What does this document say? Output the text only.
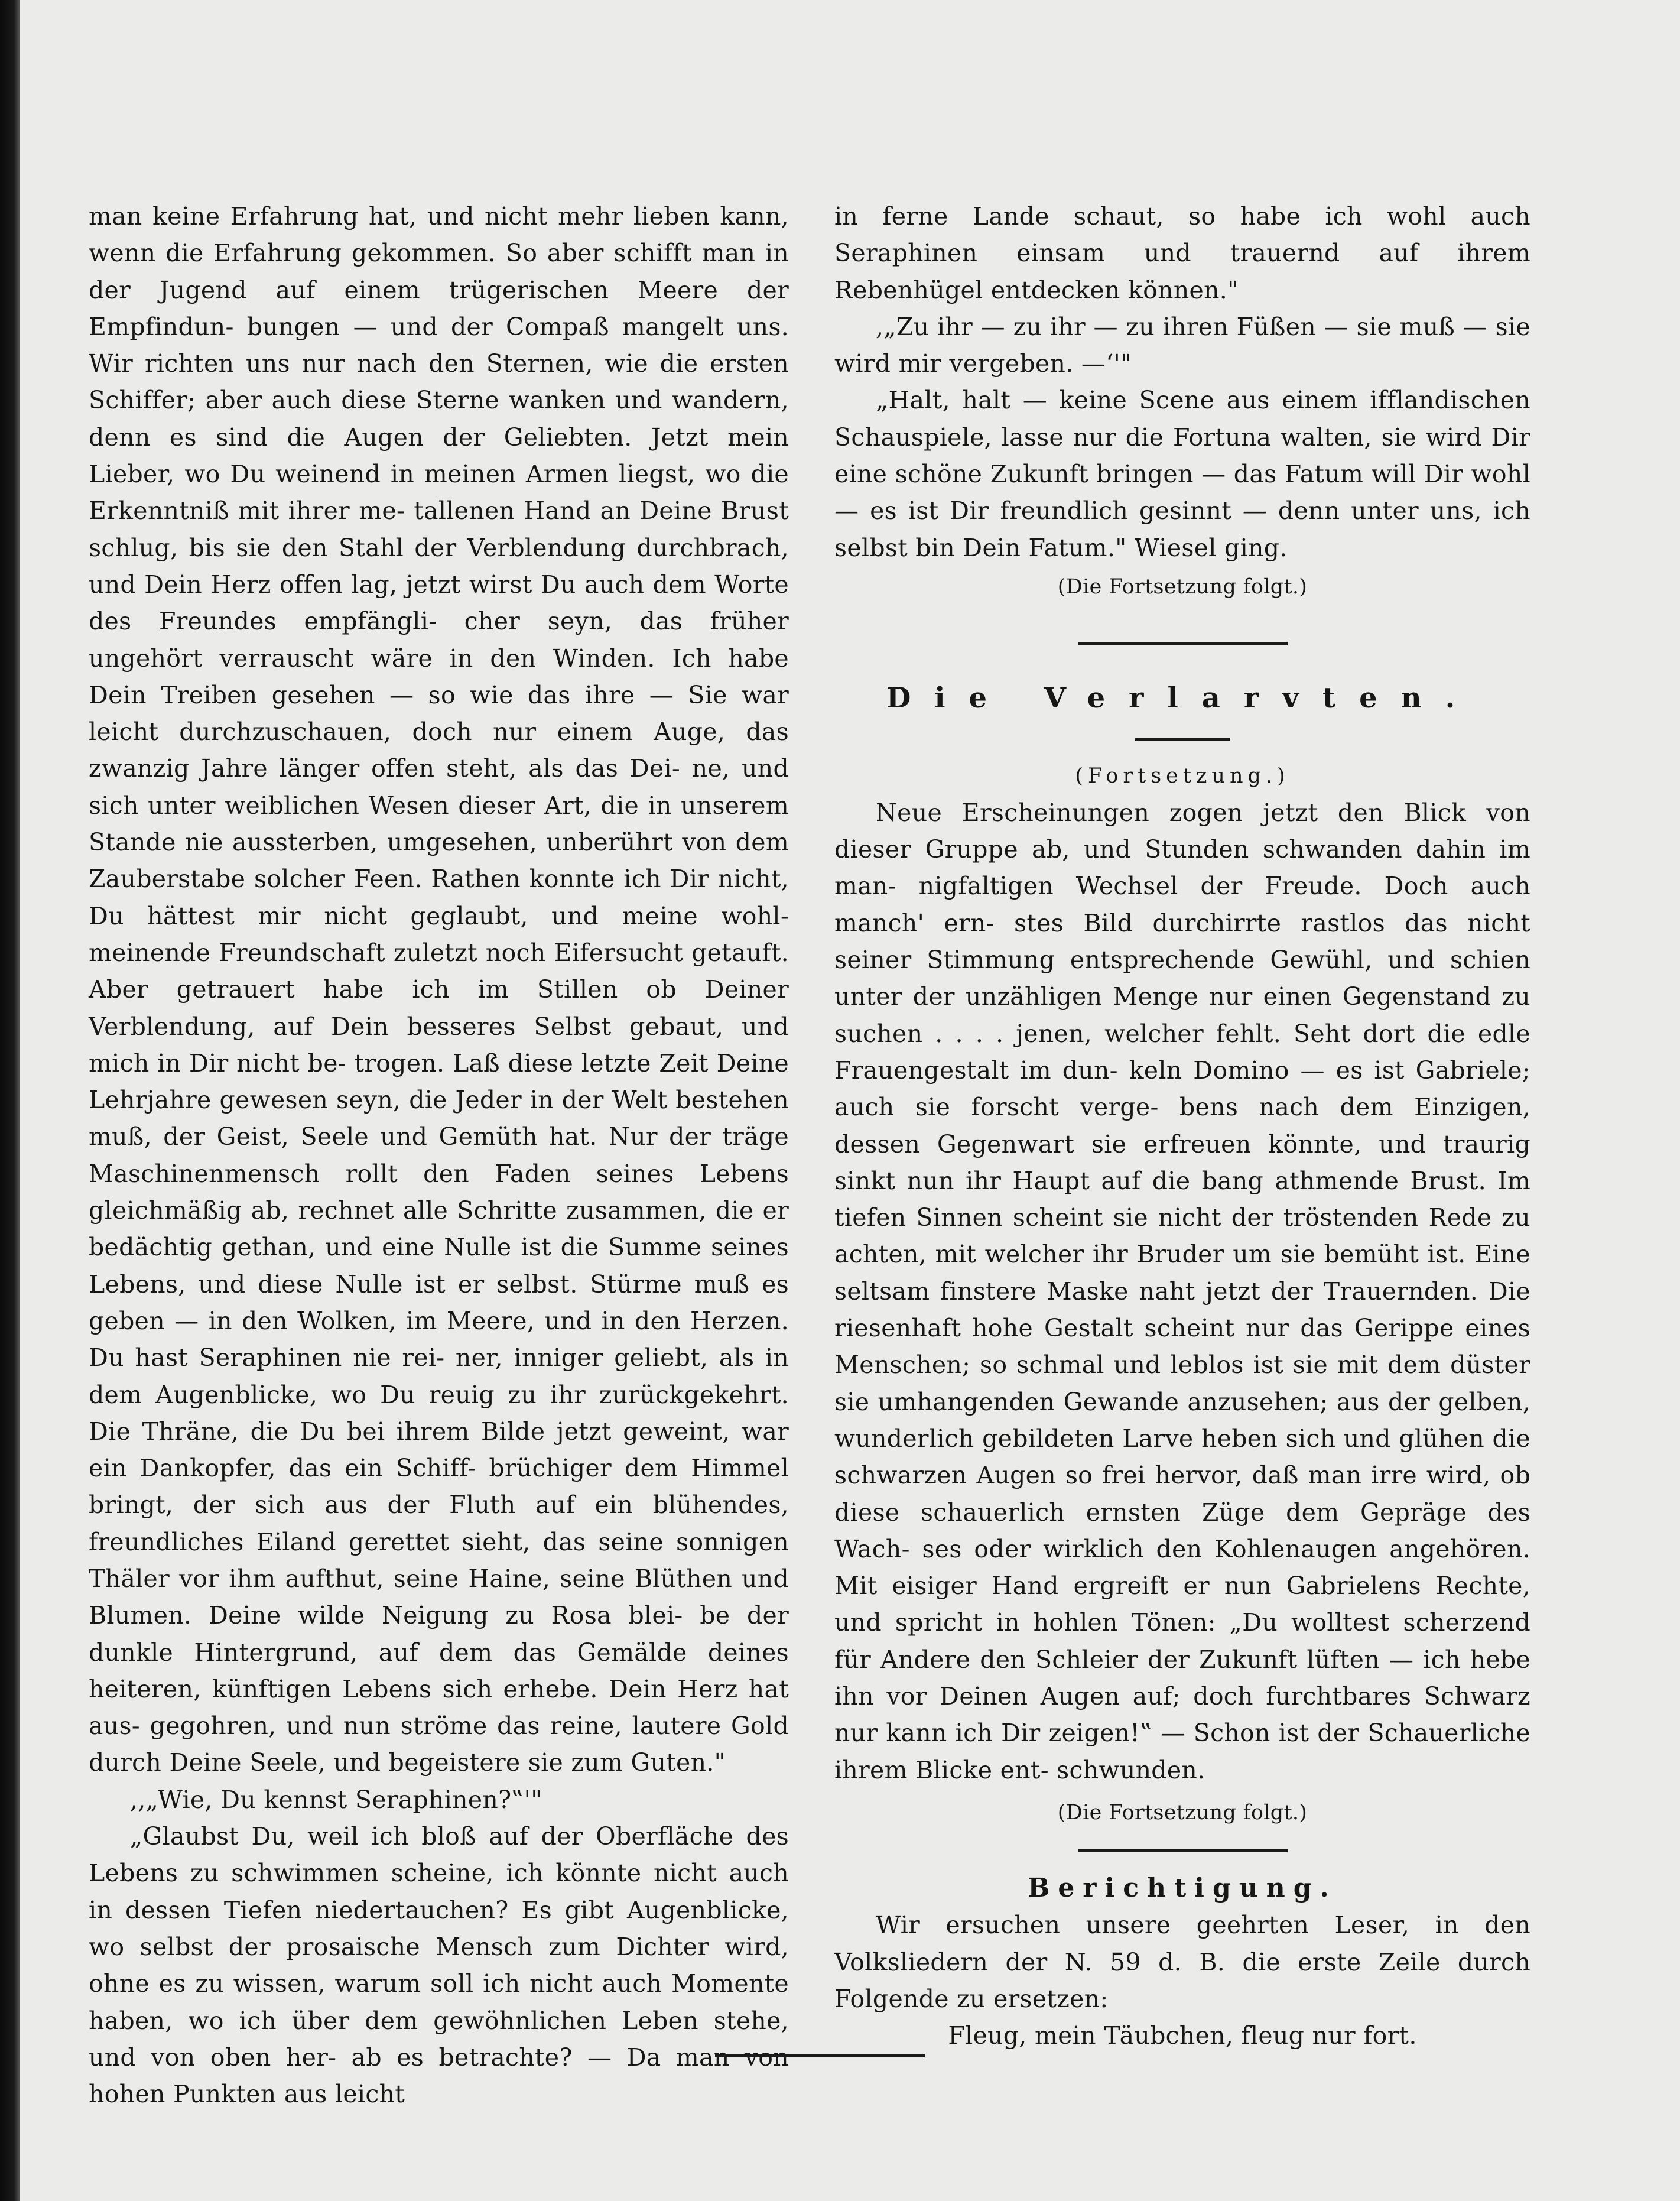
man keine Erfahrung hat, und nicht mehr lieben kann, wenn die Erfahrung gekommen. So aber schifft man in der Jugend auf einem trügerischen Meere der Empfindun- bungen — und der Compaß mangelt uns. Wir richten uns nur nach den Sternen, wie die ersten Schiffer; aber auch diese Sterne wanken und wandern, denn es sind die Augen der Geliebten. Jetzt mein Lieber, wo Du weinend in meinen Armen liegst, wo die Erkenntniß mit ihrer me- tallenen Hand an Deine Brust schlug, bis sie den Stahl der Verblendung durchbrach, und Dein Herz offen lag, jetzt wirst Du auch dem Worte des Freundes empfängli- cher seyn, das früher ungehört verrauscht wäre in den Winden. Ich habe Dein Treiben gesehen — so wie das ihre — Sie war leicht durchzuschauen, doch nur einem Auge, das zwanzig Jahre länger offen steht, als das Dei- ne, und sich unter weiblichen Wesen dieser Art, die in unserem Stande nie aussterben, umgesehen, unberührt von dem Zauberstabe solcher Feen. Rathen konnte ich Dir nicht, Du hättest mir nicht geglaubt, und meine wohl- meinende Freundschaft zuletzt noch Eifersucht getauft. Aber getrauert habe ich im Stillen ob Deiner Verblendung, auf Dein besseres Selbst gebaut, und mich in Dir nicht be- trogen. Laß diese letzte Zeit Deine Lehrjahre gewesen seyn, die Jeder in der Welt bestehen muß, der Geist, Seele und Gemüth hat. Nur der träge Maschinenmensch rollt den Faden seines Lebens gleichmäßig ab, rechnet alle Schritte zusammen, die er bedächtig gethan, und eine Nulle ist die Summe seines Lebens, und diese Nulle ist er selbst. Stürme muß es geben — in den Wolken, im Meere, und in den Herzen. Du hast Seraphinen nie rei- ner, inniger geliebt, als in dem Augenblicke, wo Du reuig zu ihr zurückgekehrt. Die Thräne, die Du bei ihrem Bilde jetzt geweint, war ein Dankopfer, das ein Schiff- brüchiger dem Himmel bringt, der sich aus der Fluth auf ein blühendes, freundliches Eiland gerettet sieht, das seine sonnigen Thäler vor ihm aufthut, seine Haine, seine Blüthen und Blumen. Deine wilde Neigung zu Rosa blei- be der dunkle Hintergrund, auf dem das Gemälde deines heiteren, künftigen Lebens sich erhebe. Dein Herz hat aus- gegohren, und nun ströme das reine, lautere Gold durch Deine Seele, und begeistere sie zum Guten."

,,„Wie, Du kennst Seraphinen?‟'"

„Glaubst Du, weil ich bloß auf der Oberfläche des Lebens zu schwimmen scheine, ich könnte nicht auch in dessen Tiefen niedertauchen? Es gibt Augenblicke, wo selbst der prosaische Mensch zum Dichter wird, ohne es zu wissen, warum soll ich nicht auch Momente haben, wo ich über dem gewöhnlichen Leben stehe, und von oben her- ab es betrachte? — Da man von hohen Punkten aus leicht

in ferne Lande schaut, so habe ich wohl auch Seraphinen einsam und trauernd auf ihrem Rebenhügel entdecken können."

,„Zu ihr — zu ihr — zu ihren Füßen — sie muß — sie wird mir vergeben. —‘'"

„Halt, halt — keine Scene aus einem ifflandischen Schauspiele, lasse nur die Fortuna walten, sie wird Dir eine schöne Zukunft bringen — das Fatum will Dir wohl — es ist Dir freundlich gesinnt — denn unter uns, ich selbst bin Dein Fatum." Wiesel ging.

(Die Fortsetzung folgt.)

Die Verlarvten.

(Fortsetzung.)

Neue Erscheinungen zogen jetzt den Blick von dieser Gruppe ab, und Stunden schwanden dahin im man- nigfaltigen Wechsel der Freude. Doch auch manch' ern- stes Bild durchirrte rastlos das nicht seiner Stimmung entsprechende Gewühl, und schien unter der unzähligen Menge nur einen Gegenstand zu suchen . . . . jenen, welcher fehlt. Seht dort die edle Frauengestalt im dun- keln Domino — es ist Gabriele; auch sie forscht verge- bens nach dem Einzigen, dessen Gegenwart sie erfreuen könnte, und traurig sinkt nun ihr Haupt auf die bang athmende Brust. Im tiefen Sinnen scheint sie nicht der tröstenden Rede zu achten, mit welcher ihr Bruder um sie bemüht ist. Eine seltsam finstere Maske naht jetzt der Trauernden. Die riesenhaft hohe Gestalt scheint nur das Gerippe eines Menschen; so schmal und leblos ist sie mit dem düster sie umhangenden Gewande anzusehen; aus der gelben, wunderlich gebildeten Larve heben sich und glühen die schwarzen Augen so frei hervor, daß man irre wird, ob diese schauerlich ernsten Züge dem Gepräge des Wach- ses oder wirklich den Kohlenaugen angehören. Mit eisiger Hand ergreift er nun Gabrielens Rechte, und spricht in hohlen Tönen: „Du wolltest scherzend für Andere den Schleier der Zukunft lüften — ich hebe ihn vor Deinen Augen auf; doch furchtbares Schwarz nur kann ich Dir zeigen!‟ — Schon ist der Schauerliche ihrem Blicke ent- schwunden.

(Die Fortsetzung folgt.)

Berichtigung.

Wir ersuchen unsere geehrten Leser, in den Volksliedern der N. 59 d. B. die erste Zeile durch Folgende zu ersetzen:

Fleug, mein Täubchen, fleug nur fort.
